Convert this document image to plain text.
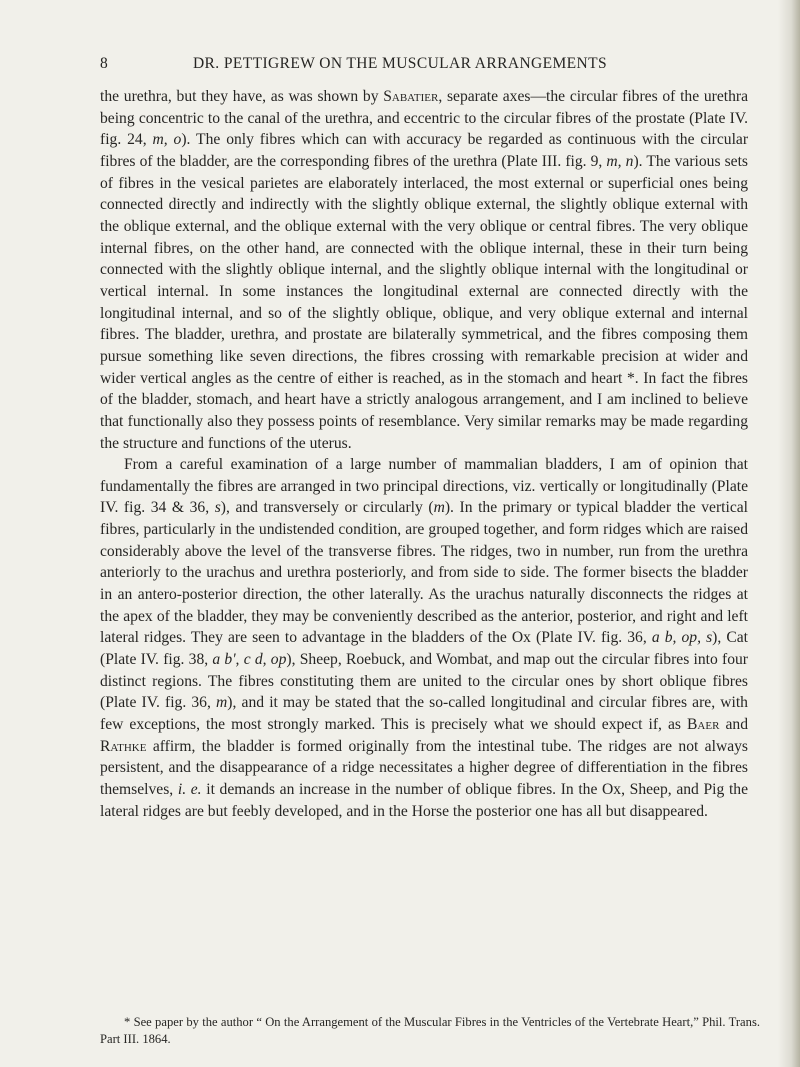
8	DR. PETTIGREW ON THE MUSCULAR ARRANGEMENTS

the urethra, but they have, as was shown by Sabatier, separate axes—the circular fibres of the urethra being concentric to the canal of the urethra, and eccentric to the circular fibres of the prostate (Plate IV. fig. 24, m, o). The only fibres which can with accuracy be regarded as continuous with the circular fibres of the bladder, are the corresponding fibres of the urethra (Plate III. fig. 9, m, n). The various sets of fibres in the vesical parietes are elaborately interlaced, the most external or superficial ones being connected directly and indirectly with the slightly oblique external, the slightly oblique external with the oblique external, and the oblique external with the very oblique or central fibres. The very oblique internal fibres, on the other hand, are connected with the oblique internal, these in their turn being connected with the slightly oblique internal, and the slightly oblique internal with the longitudinal or vertical internal. In some instances the longitudinal external are connected directly with the longitudinal internal, and so of the slightly oblique, oblique, and very oblique external and internal fibres. The bladder, urethra, and prostate are bilaterally symmetrical, and the fibres composing them pursue something like seven directions, the fibres crossing with remarkable precision at wider and wider vertical angles as the centre of either is reached, as in the stomach and heart *. In fact the fibres of the bladder, stomach, and heart have a strictly analogous arrangement, and I am inclined to believe that functionally also they possess points of resemblance. Very similar remarks may be made regarding the structure and functions of the uterus.

From a careful examination of a large number of mammalian bladders, I am of opinion that fundamentally the fibres are arranged in two principal directions, viz. vertically or longitudinally (Plate IV. fig. 34 & 36, s), and transversely or circularly (m). In the primary or typical bladder the vertical fibres, particularly in the undistended condition, are grouped together, and form ridges which are raised considerably above the level of the transverse fibres. The ridges, two in number, run from the urethra anteriorly to the urachus and urethra posteriorly, and from side to side. The former bisects the bladder in an antero-posterior direction, the other laterally. As the urachus naturally disconnects the ridges at the apex of the bladder, they may be conveniently described as the anterior, posterior, and right and left lateral ridges. They are seen to advantage in the bladders of the Ox (Plate IV. fig. 36, a b, op, s), Cat (Plate IV. fig. 38, a b', c d, op), Sheep, Roebuck, and Wombat, and map out the circular fibres into four distinct regions. The fibres constituting them are united to the circular ones by short oblique fibres (Plate IV. fig. 36, m), and it may be stated that the so-called longitudinal and circular fibres are, with few exceptions, the most strongly marked. This is precisely what we should expect if, as Baer and Rathke affirm, the bladder is formed originally from the intestinal tube. The ridges are not always persistent, and the disappearance of a ridge necessitates a higher degree of differentiation in the fibres themselves, i. e. it demands an increase in the number of oblique fibres. In the Ox, Sheep, and Pig the lateral ridges are but feebly developed, and in the Horse the posterior one has all but disappeared.

* See paper by the author “ On the Arrangement of the Muscular Fibres in the Ventricles of the Vertebrate Heart,” Phil. Trans. Part III. 1864.
